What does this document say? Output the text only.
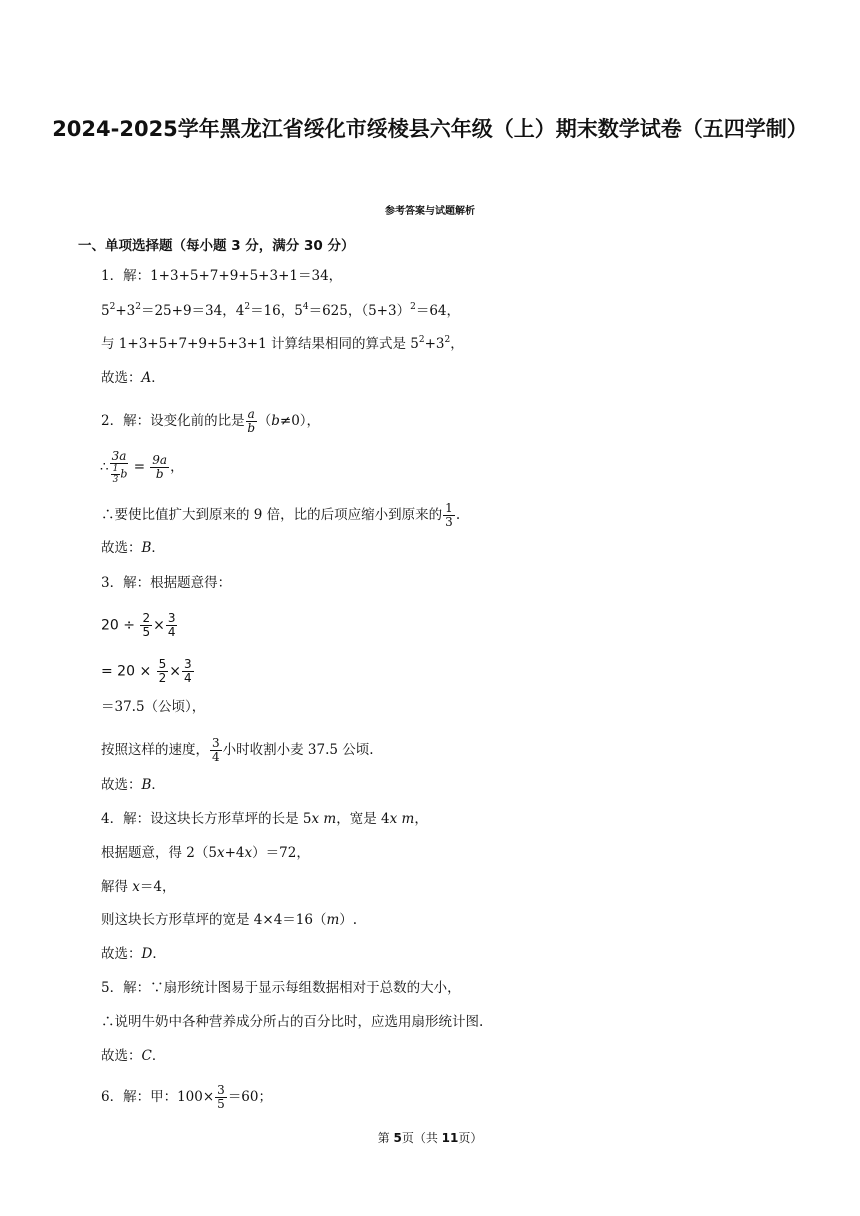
2024-2025学年黑龙江省绥化市绥棱县六年级（上）期末数学试卷（五四学制）
参考答案与试题解析
一、单项选择题（每小题 3 分，满分 30 分）
1．解：1+3+5+7+9+5+3+1＝34，
$5^2+3^2=25+9=34$，$4^2=16$，$5^4=625$，$(5+3)^2=64$，
与 1+3+5+7+9+5+3+1 计算结果相同的算式是 $5^2+3^2$，
故选：A．
2．解：设变化前的比是 $\frac{a}{b} (b\ne 0)$，
∴ $\frac{3a}{\frac{1}{3} b} = \frac{9a}{b}$ ，
∴要使比值扩大到原来的 9 倍，比的后项应缩小到原来的 $\frac{1}{3}$ .
故选：B．
3．解：根据题意得：
$20 \div \frac{2}{5} \times \frac{3}{4}$
= $20 \times \frac{5}{2} \times \frac{3}{4}$
＝37.5（公顷），
按照这样的速度， $\frac{3}{4}$ 小时收割小麦 37.5 公顷.
故选：B．
4．解：设这块长方形草坪的长是 5x m，宽是 4x m，
根据题意，得 2（5x+4x）＝72，
解得 x＝4，
则这块长方形草坪的宽是 4×4＝16（m）.
故选：D．
5．解：∵扇形统计图易于显示每组数据相对于总数的大小，
∴说明牛奶中各种营养成分所占的百分比时，应选用扇形统计图.
故选：C．
6．解：甲：$100\times \frac{3}{5} =60$；
第 5页（共 11页）
